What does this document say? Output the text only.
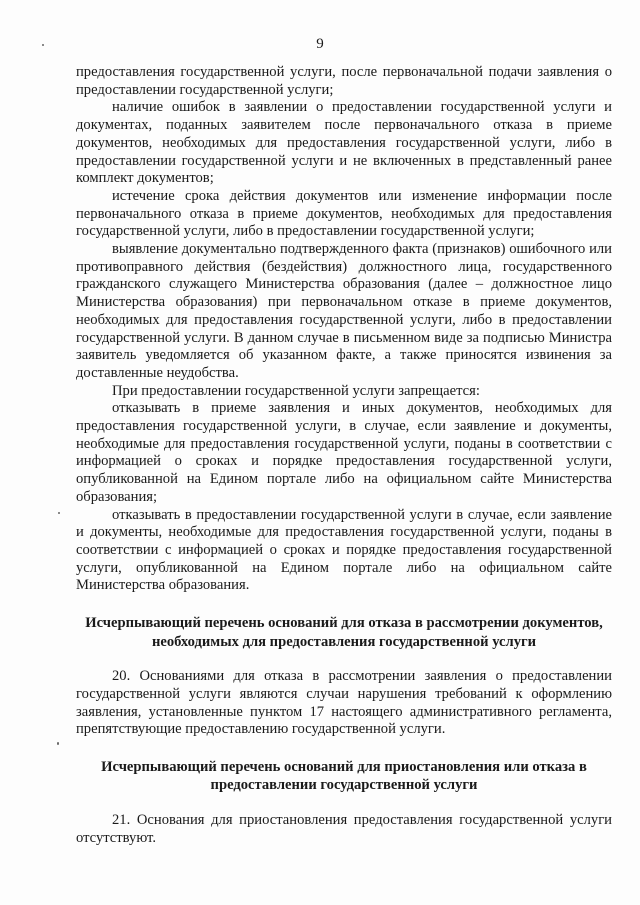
9

предоставления государственной услуги, после первоначальной подачи заявления о предоставлении государственной услуги;

наличие ошибок в заявлении о предоставлении государственной услуги и документах, поданных заявителем после первоначального отказа в приеме документов, необходимых для предоставления государственной услуги, либо в предоставлении государственной услуги и не включенных в представленный ранее комплект документов;

истечение срока действия документов или изменение информации после первоначального отказа в приеме документов, необходимых для предоставления государственной услуги, либо в предоставлении государственной услуги;

выявление документально подтвержденного факта (признаков) ошибочного или противоправного действия (бездействия) должностного лица, государственного гражданского служащего Министерства образования (далее – должностное лицо Министерства образования) при первоначальном отказе в приеме документов, необходимых для предоставления государственной услуги, либо в предоставлении государственной услуги. В данном случае в письменном виде за подписью Министра заявитель уведомляется об указанном факте, а также приносятся извинения за доставленные неудобства.

При предоставлении государственной услуги запрещается:

отказывать в приеме заявления и иных документов, необходимых для предоставления государственной услуги, в случае, если заявление и документы, необходимые для предоставления государственной услуги, поданы в соответствии с информацией о сроках и порядке предоставления государственной услуги, опубликованной на Едином портале либо на официальном сайте Министерства образования;

отказывать в предоставлении государственной услуги в случае, если заявление и документы, необходимые для предоставления государственной услуги, поданы в соответствии с информацией о сроках и порядке предоставления государственной услуги, опубликованной на Едином портале либо на официальном сайте Министерства образования.

Исчерпывающий перечень оснований для отказа в рассмотрении документов, необходимых для предоставления государственной услуги

20. Основаниями для отказа в рассмотрении заявления о предоставлении государственной услуги являются случаи нарушения требований к оформлению заявления, установленные пунктом 17 настоящего административного регламента, препятствующие предоставлению государственной услуги.

Исчерпывающий перечень оснований для приостановления или отказа в предоставлении государственной услуги

21. Основания для приостановления предоставления государственной услуги отсутствуют.
